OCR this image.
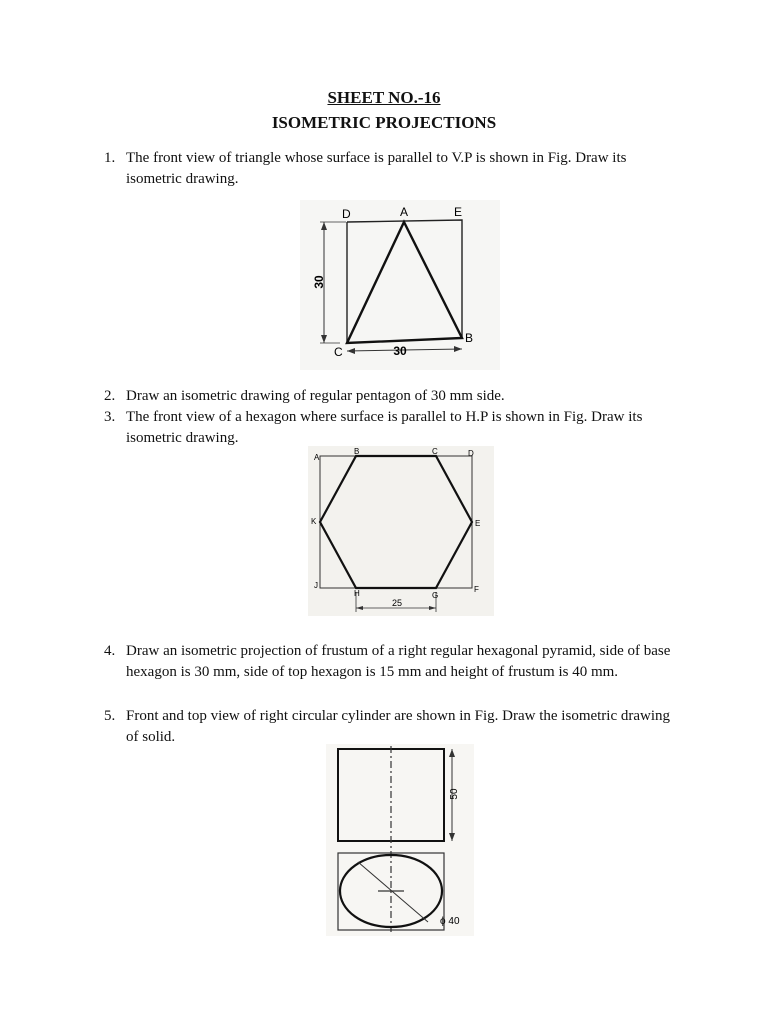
SHEET NO.-16
ISOMETRIC PROJECTIONS
1. The front view of triangle whose surface is parallel to V.P is shown in Fig. Draw its isometric drawing.
30
30
D	A	E
B
C
2. Draw an isometric drawing of regular pentagon of 30 mm side.
3. The front view of a hexagon where surface is parallel to H.P is shown in Fig. Draw its isometric drawing.
25
A
B	C	D
K	E
J
H	G
F
4. Draw an isometric projection of frustum of a right regular hexagonal pyramid, side of base hexagon is 30 mm, side of top hexagon is 15 mm and height of frustum is 40 mm.
5. Front and top view of right circular cylinder are shown in Fig. Draw the isometric drawing of solid.
50
ϕ 40
